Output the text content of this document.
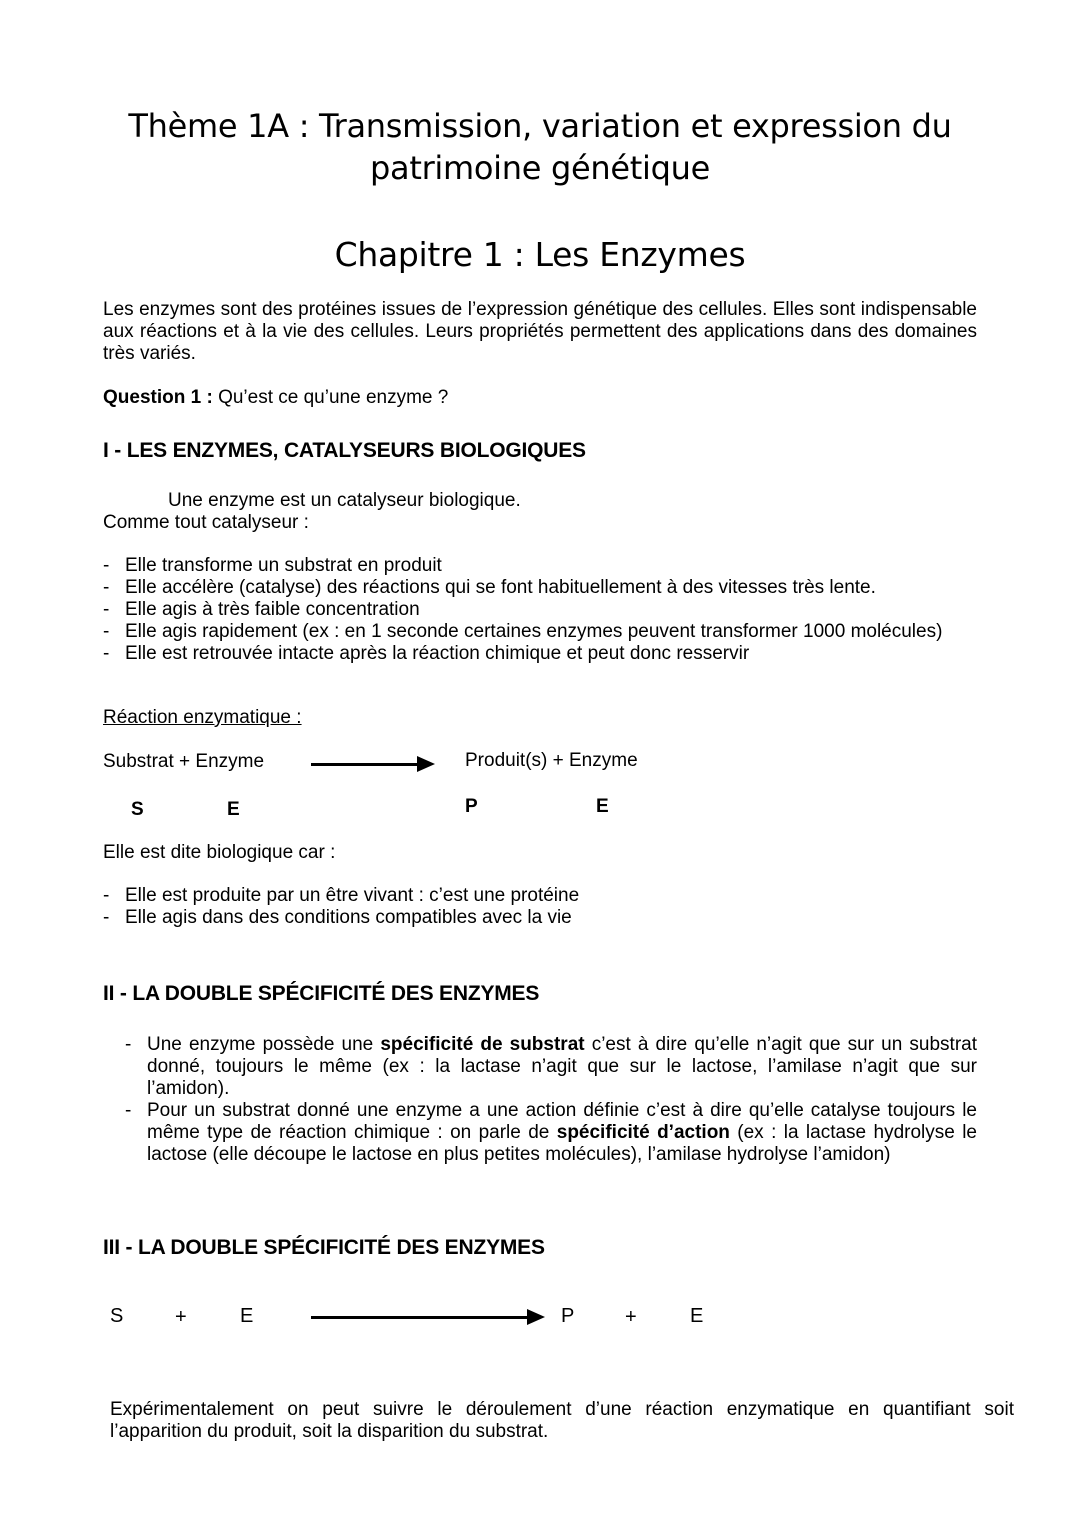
Thème 1A : Transmission, variation et expression du
patrimoine génétique
Chapitre 1 : Les Enzymes
Les enzymes sont des protéines issues de l’expression génétique des cellules. Elles sont indispensable aux réactions et à la vie des cellules. Leurs propriétés permettent des applications dans des domaines très variés.
Question 1 : Qu’est ce qu’une enzyme ?
I - LES ENZYMES, CATALYSEURS BIOLOGIQUES
Une enzyme est un catalyseur biologique.
Comme tout catalyseur :
- Elle transforme un substrat en produit
- Elle accélère (catalyse) des réactions qui se font habituellement à des vitesses très lente.
- Elle agis à très faible concentration
- Elle agis rapidement (ex : en 1 seconde certaines enzymes peuvent transformer 1000 molécules)
- Elle est retrouvée intacte après la réaction chimique et peut donc resservir
Réaction enzymatique :
Substrat + Enzyme	Produit(s) + Enzyme
S	E	P	E
Elle est dite biologique car :
- Elle est produite par un être vivant : c’est une protéine
- Elle agis dans des conditions compatibles avec la vie
II - LA DOUBLE SPÉCIFICITÉ DES ENZYMES
- Une enzyme possède une spécificité de substrat c’est à dire qu’elle n’agit que sur un substrat donné, toujours le même (ex : la lactase n’agit que sur le lactose, l’amilase n’agit que sur l’amidon).
- Pour un substrat donné une enzyme a une action définie c’est à dire qu’elle catalyse toujours le même type de réaction chimique : on parle de spécificité d’action (ex : la lactase hydrolyse le lactose (elle découpe le lactose en plus petites molécules), l’amilase hydrolyse l’amidon)
III - LA DOUBLE SPÉCIFICITÉ DES ENZYMES
S	+	E	P	+	E
Expérimentalement on peut suivre le déroulement d’une réaction enzymatique en quantifiant soit l’apparition du produit, soit la disparition du substrat.
